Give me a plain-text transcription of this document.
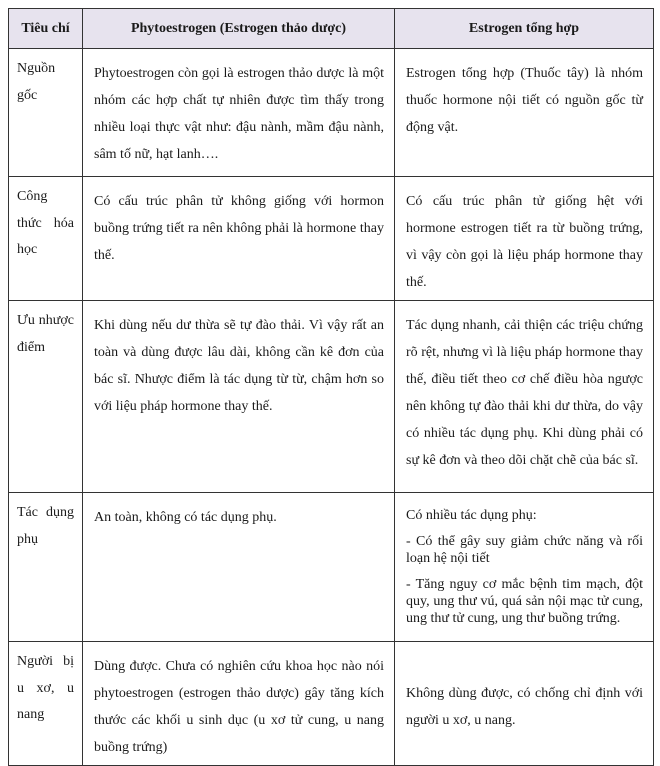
Tiêu chí	Phytoestrogen (Estrogen thảo dược)	Estrogen tổng hợp
Nguồn gốc	Phytoestrogen còn gọi là estrogen thảo dược là một nhóm các hợp chất tự nhiên được tìm thấy trong nhiều loại thực vật như: đậu nành, mầm đậu nành, sâm tố nữ, hạt lanh….	Estrogen tổng hợp (Thuốc tây) là nhóm thuốc hormone nội tiết có nguồn gốc từ động vật.
Công thức hóa học	Có cấu trúc phân tử không giống với hormon buồng trứng tiết ra nên không phải là hormone thay thế.	Có cấu trúc phân tử giống hệt với hormone estrogen tiết ra từ buồng trứng, vì vậy còn gọi là liệu pháp hormone thay thế.
Ưu nhược điểm	Khi dùng nếu dư thừa sẽ tự đào thải. Vì vậy rất an toàn và dùng được lâu dài, không cần kê đơn của bác sĩ. Nhược điểm là tác dụng từ từ, chậm hơn so với liệu pháp hormone thay thế.	Tác dụng nhanh, cải thiện các triệu chứng rõ rệt, nhưng vì là liệu pháp hormone thay thế, điều tiết theo cơ chế điều hòa ngược nên không tự đào thải khi dư thừa, do vậy có nhiều tác dụng phụ. Khi dùng phải có sự kê đơn và theo dõi chặt chẽ của bác sĩ.
Tác dụng phụ	An toàn, không có tác dụng phụ.	Có nhiều tác dụng phụ:

- Có thể gây suy giảm chức năng và rối loạn hệ nội tiết

- Tăng nguy cơ mắc bệnh tim mạch, đột quy, ung thư vú, quá sản nội mạc tử cung, ung thư tử cung, ung thư buồng trứng.

Người bị u xơ, u nang	Dùng được. Chưa có nghiên cứu khoa học nào nói phytoestrogen (estrogen thảo dược) gây tăng kích thước các khối u sinh dục (u xơ tử cung, u nang buồng trứng)	Không dùng được, có chống chỉ định với người u xơ, u nang.
